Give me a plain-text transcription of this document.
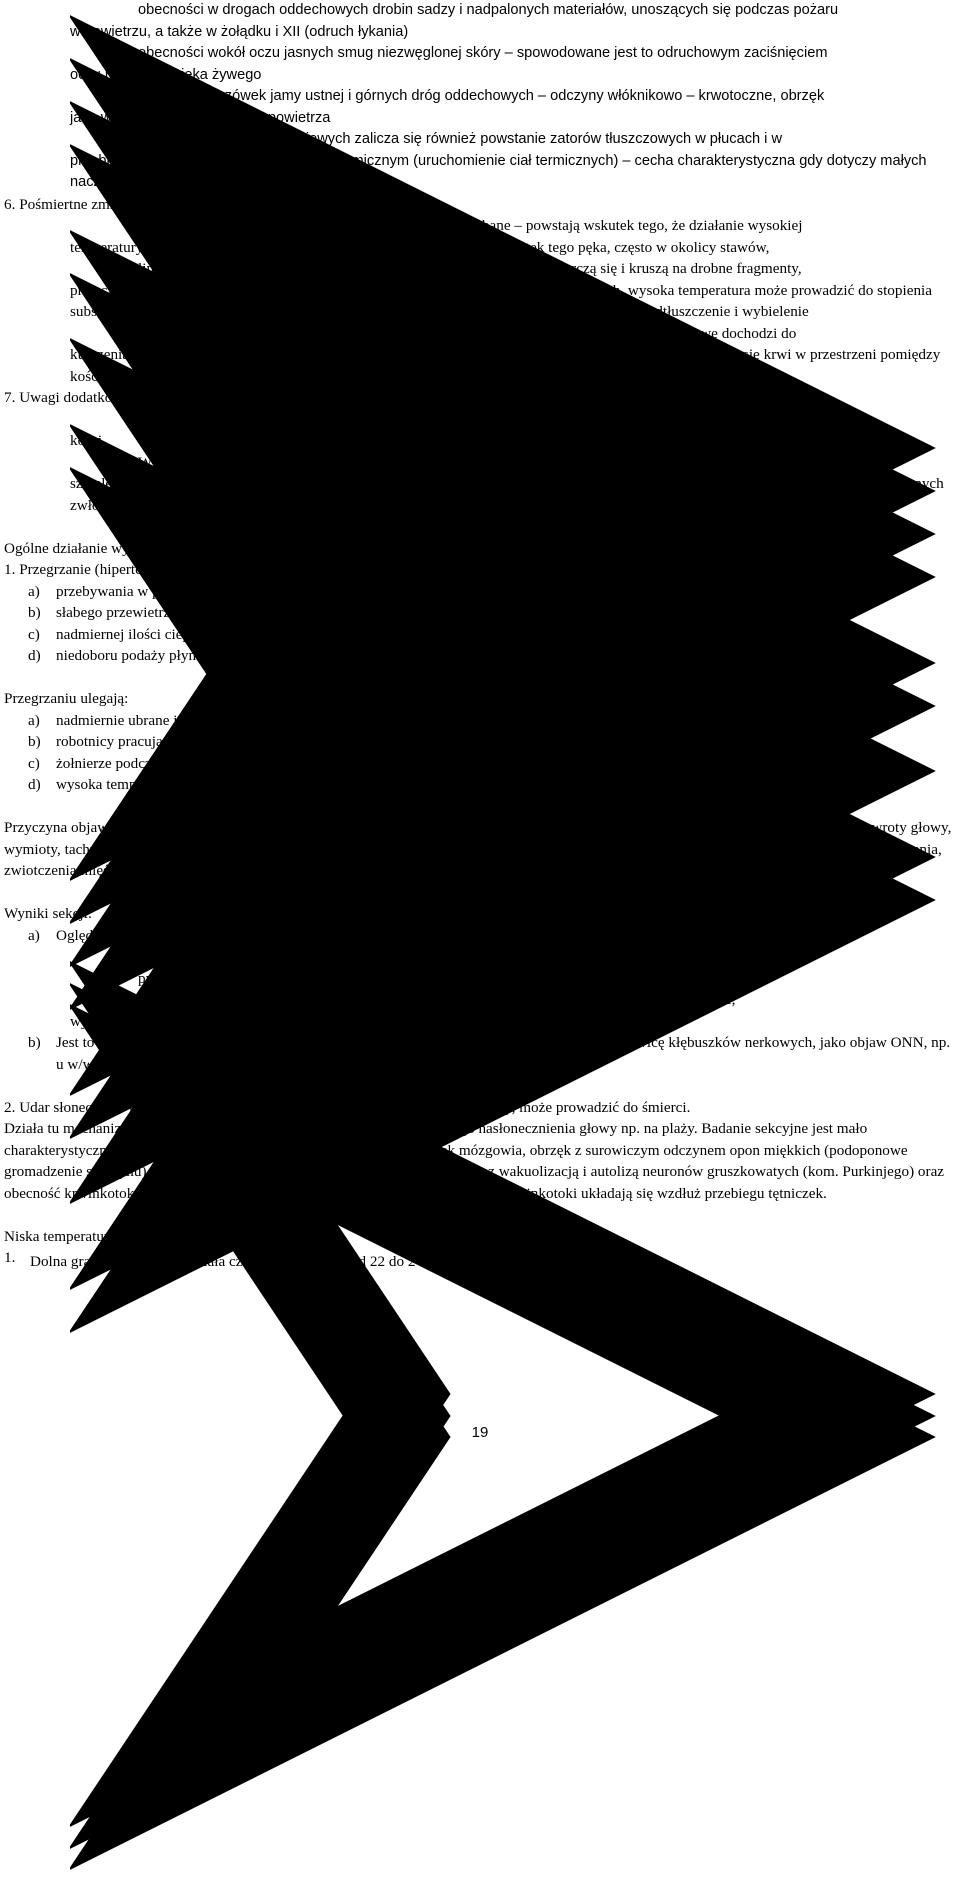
obecności w drogach oddechowych drobin sadzy i nadpalonych materiałów, unoszących się podczas pożaru
w powietrzu, a także w żołądku i XII (odruch łykania)
obecności wokół oczu jasnych smug niezwęglonej skóry – spowodowane jest to odruchowym zaciśnięciem
oczu przez człowieka żywego
oparzeniu śluzówek jamy ustnej i górnych dróg oddechowych – odczyny włóknikowo – krwotoczne, obrzęk
jako wynik działania gorącego powietrza
do mechanizmów przeżyciowych zalicza się również powstanie zatorów tłuszczowych w płucach i w
przebiegu agonii spowodowanej urazem termicznym (uruchomienie ciał termicznych) – cecha charakterystyczna gdy dotyczy małych naczyń włosowatych
6. Pośmiertne zmiany urazowe:
linijne pęknięcia skóry, przypominające rany cięte lub rąbane – powstają wskutek tego, że działanie wysokiej
temperatury powoduje kurczenie się (później zwęglenie) skóry, która wskutek tego pęka, często w okolicy stawów,
linijne pęknięcia kości: wskutek płomienia kości szybko wysychają, kurczą się i kruszą na drobne fragmenty,
przy czym może dojść do powstania licznych pęknięć, zwłaszcza w obrębie kości płaskich, wysoka temperatura może prowadzić do stopienia substancji kostnej i wytworzenia tzw. pereł kostnych, w kościach płaskich można obserwować odtłuszczenie i wybielenie
rzekomy krwiak nadtwardówkowy (pseudohematoma) – wskutek działania płomienia na głowę dochodzi do
kurczenia się tkanek miękkich i przemieszczania się płynów, głównie krwi, może to powodować gromadzenie się krwi w przestrzeni pomiędzy kością a oponą twardą; krwiak taki zawiera domieszki tłuszczu i ma wygląd tłustej, malinowo-czerwonej galarety
7. Uwagi dodatkowe:
Badanie płuc na obecność zatorów tłuszczowych może być pomocne w ustalenie przyżyciowości uszkodzeń
kości.
W następstwie działania wysokiej temperatury i płomienia następuje silne, pośmiertne skurczenie się mięśni
szkieletowych. W większym stopniu dotyczy to zginaczy (mają większą masę od prostowników), co prowadzi do typowego ułożenia spalonych zwłok w pozycji kolankowo-łokciowej (tzw. „pozycja bokserska”).
Ogólne działanie wysokiej temperatury:
1. Przegrzanie (hipertermia), udar cieplny – dochodzi do niego wskutek:
a) przebywania w podwyższonej temperaturze otoczenia,
b) słabego przewietrzania pomieszczenia,
c) nadmiernej ilości ciepłej odzieży,
d) niedoboru podaży płynów z deficytem składników mineralnych.
Przegrzaniu ulegają:
a) nadmiernie ubrane i okryte niemowlęta, trzymane w ciepłych i źle przewietrzanych pomieszczeniach,
b) robotnicy pracujący w wysokich temperaturach, przy niedostatecznej podaży płynów (huty, kopalnie),
c) żołnierze podczas ćwiczeń w pełnym rynsztunku,
d) wysoka temperatura otoczenia (upał) i obniżone ciśnienie atmosferyczne (okluzja).
Przyczyna objawów jest zaburzenie bilansu elektrolitów, spowodowane głównie utrata NaCl. Mogą pojawić się objawy prodromalne: bóle i zawroty głowy, wymioty, tachykardia, RR, pobudzenie psychoruchowe, drgawki, objawy halucynozy. W niektórych przypadkach dochodzi do niewydolności krążenia, zwiotczenia mięśni, zapaści naczyniowej i zgonu (udar cieplny).
Wyniki sekcji:
a) Oględziny zwłok w krótki czas po śmierci mogą wykazać:
podwyższoną ciepłotę ciała, zawilgocenie skóry i odzieży,
przy nadmiernym nasłonecznieniu zmiany skórne na odsłoniętych częściach ciała,
cechy śmierci nagłej (płynną krew, przekrwienie narządów wewnętrznych, obfite plamy opadowe,
wybroczyny krwawe podsurowicówkowe, cechy obrzęku mózgu i płuc)
b) Jest to śmierć czynnościowa, wyjątkowo można stwierdzić w badaniu histopatologicznym martwicę kłębuszków nerkowych, jako objaw ONN, np. u w/w żołnierzy.
2. Udar słoneczny – przejaw ogólnego szkodliwego działania wysokiej temperatury, może prowadzić do śmierci.
Działa tu mechanizm podrażnienia opon mózgowych w wyniku nadmiernego nasłonecznienia głowy np. na plaży. Badanie sekcyjne jest mało charakterystyczne: przekrwienie skóry twarzy, silne przekrwienie i obrzęk mózgowia, obrzęk z surowiczym odczynem opon miękkich (podoponowe gromadzenie się płynu). Charakterystyczny obraz histopatologiczny mózgowia z wakuolizacją i autolizą neuronów gruszkowatych (kom. Purkinjego) oraz obecność krwinkotoków okołonaczyniowych w mózgowiu i rdzeniu kręgowym – krwinkotoki układają się wzdłuż przebiegu tętniczek.
Niska temperatura:
1. Dolna granica temperatury ciała człowieka waha się od 22 do $24^{oC}$.
19
